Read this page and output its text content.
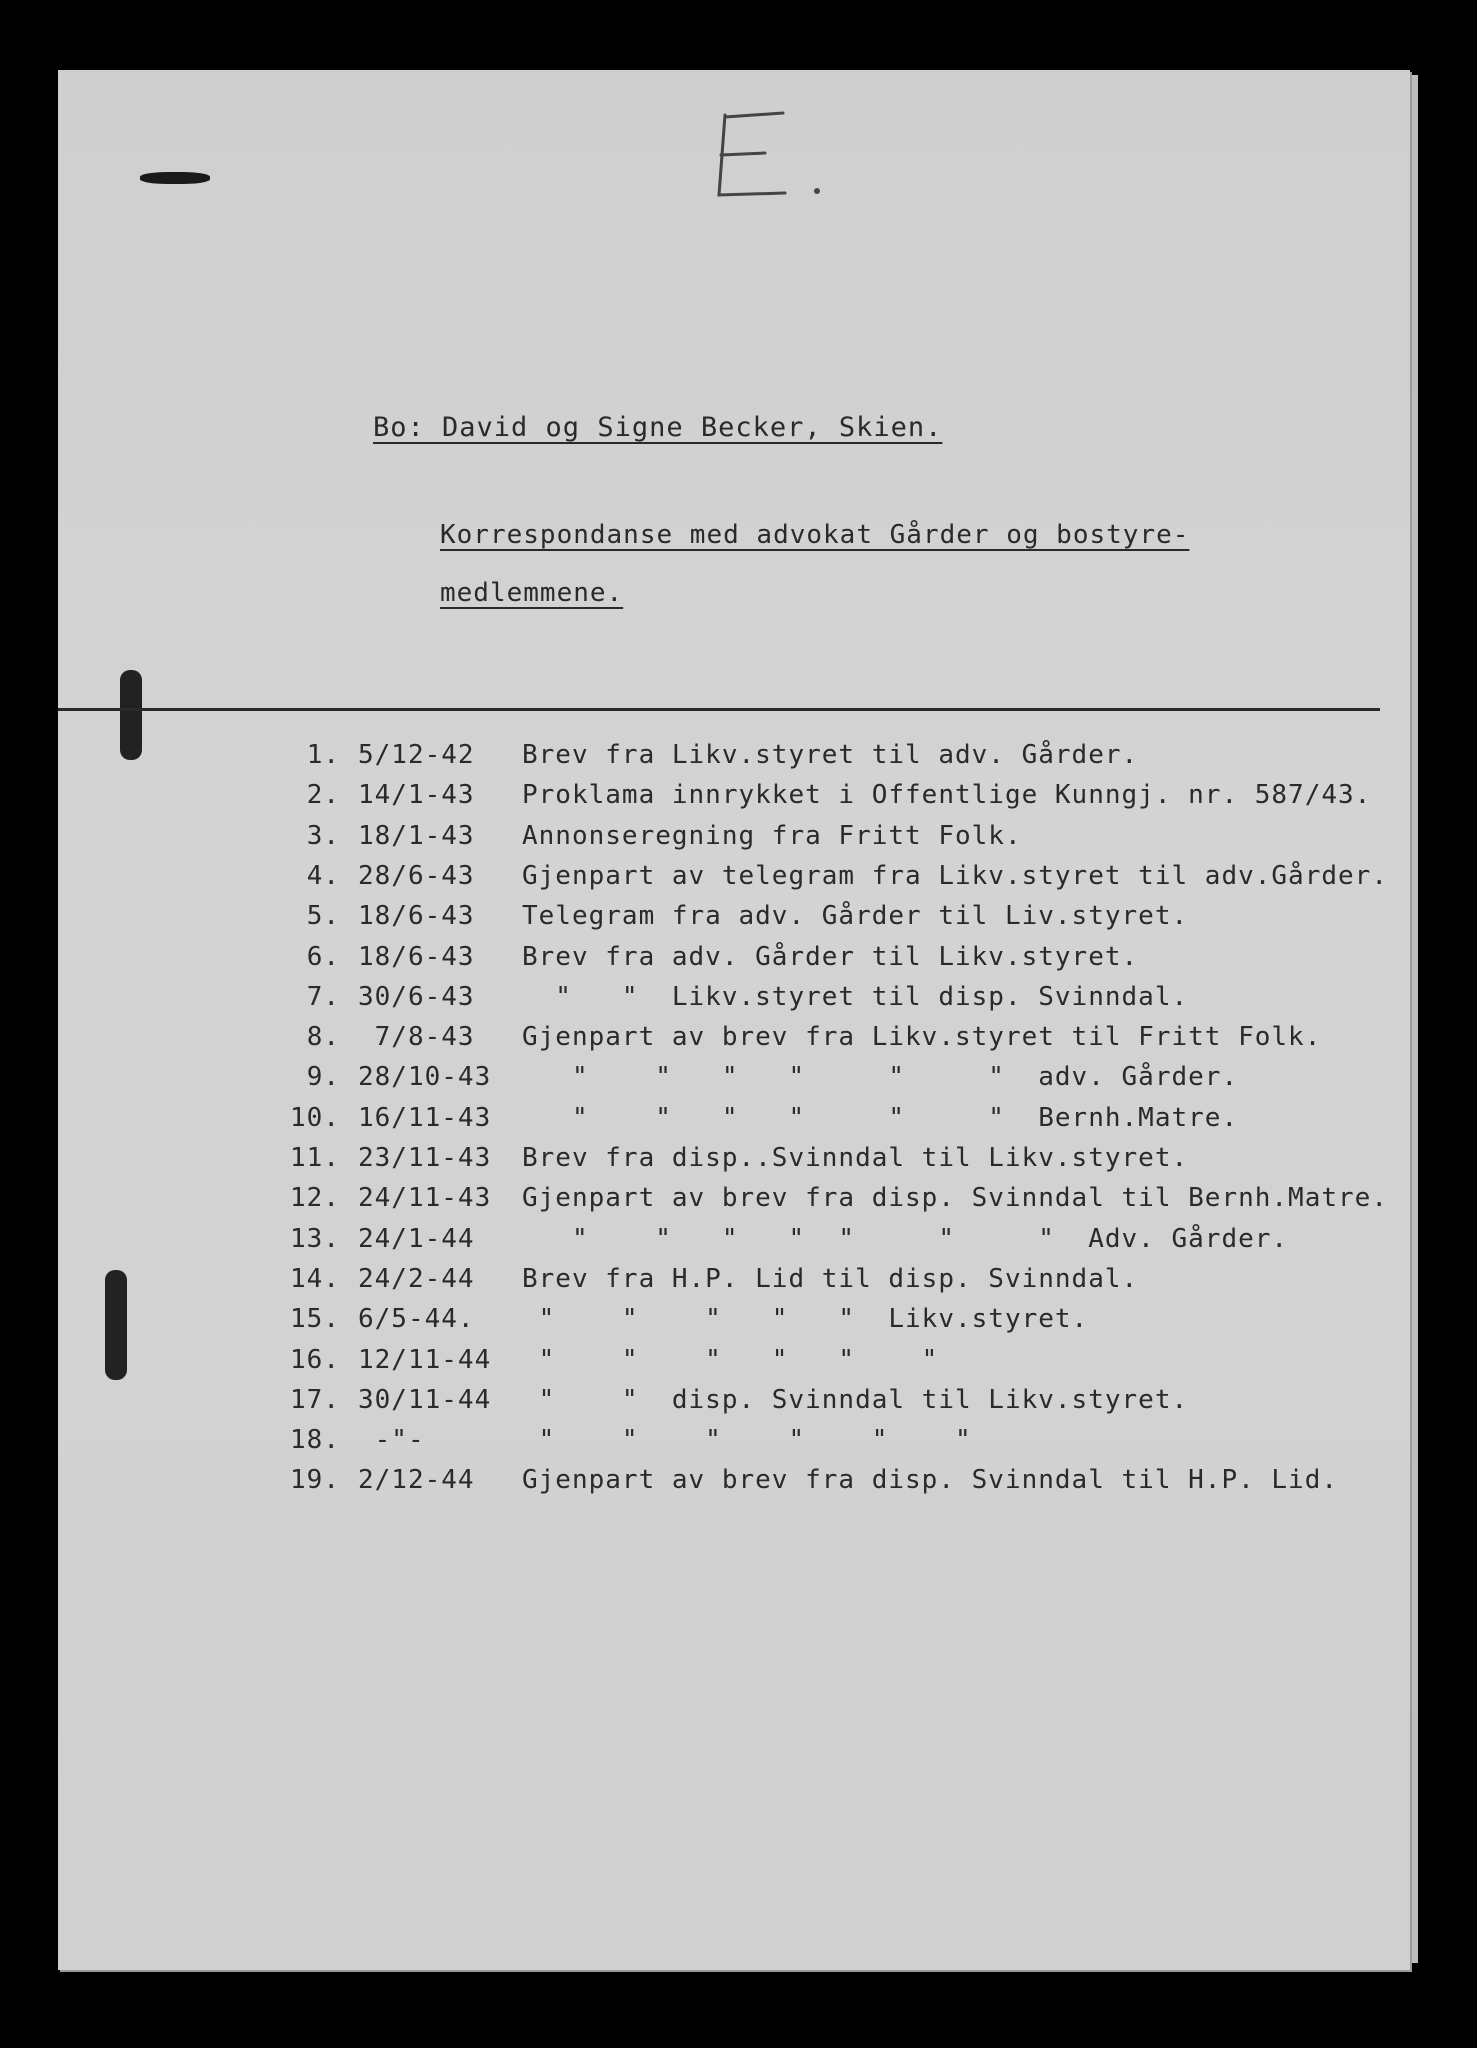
Bo: David og Signe Becker, Skien.
Korrespondanse med advokat Gårder og bostyre-
medlemmene.
1. 5/12-42 Brev fra Likv.styret til adv. Gårder.
2. 14/1-43 Proklama innrykket i Offentlige Kunngj. nr. 587/43.
3. 18/1-43 Annonseregning fra Fritt Folk.
4. 28/6-43 Gjenpart av telegram fra Likv.styret til adv.Gårder.
5. 18/6-43 Telegram fra adv. Gårder til Liv.styret.
6. 18/6-43 Brev fra adv. Gårder til Likv.styret.
7. 30/6-43 "   "  Likv.styret til disp. Svinndal.
8. 7/8-43 Gjenpart av brev fra Likv.styret til Fritt Folk.
9. 28/10-43 "    "   "   "     "     "  adv. Gårder.
10. 16/11-43 "    "   "   "     "     "  Bernh.Matre.
11. 23/11-43 Brev fra disp..Svinndal til Likv.styret.
12. 24/11-43 Gjenpart av brev fra disp. Svinndal til Bernh.Matre.
13. 24/1-44 "    "   "   "  "     "     "  Adv. Gårder.
14. 24/2-44 Brev fra H.P. Lid til disp. Svinndal.
15. 6/5-44. "    "    "   "   "  Likv.styret.
16. 12/11-44 "    "    "   "   "    "
17. 30/11-44 "    "  disp. Svinndal til Likv.styret.
18. -"-	"    "    "    "    "    "
19. 2/12-44 Gjenpart av brev fra disp. Svinndal til H.P. Lid.
